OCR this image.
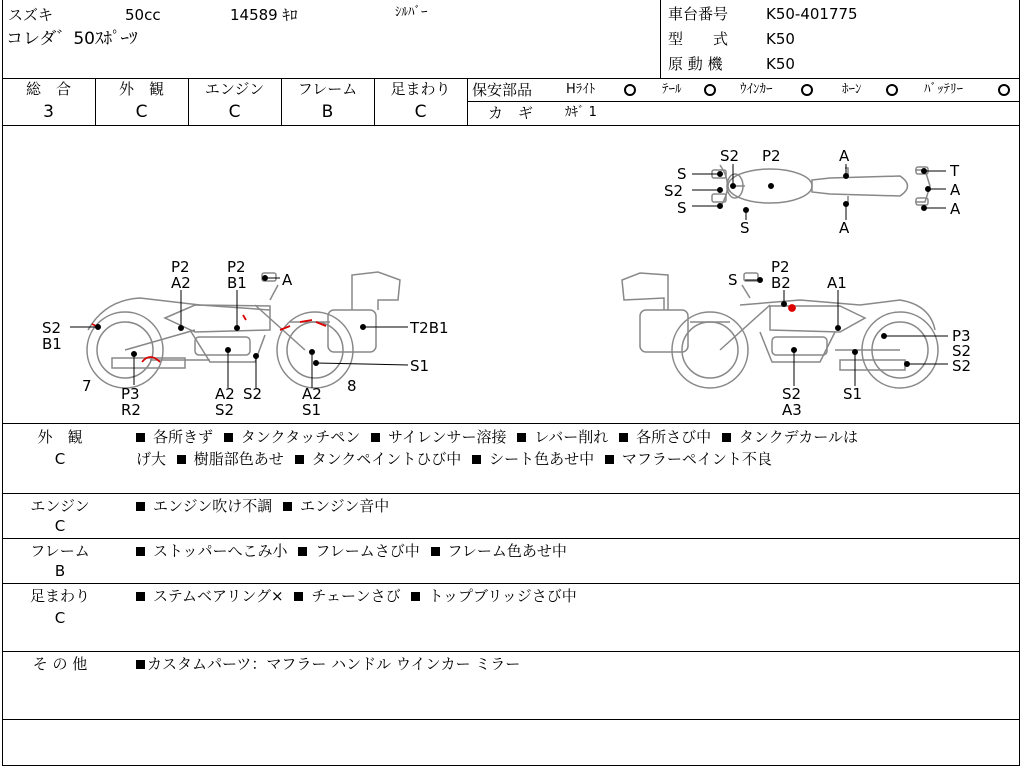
スズキ	50cc	14589 ｷﾛ	ｼﾙﾊﾞｰ
コレダ゛50ｽﾎﾟｰﾂ
車台番号	K50-401775
型　　式	K50
原 動 機	K50
総　合
3
外　観
C
エンジン
C
フレーム
B
足まわり
C
保安部品	Hﾗｲﾄ	ﾃｰﾙ	ｳｲﾝｶｰ	ﾎｰﾝ	ﾊﾞｯﾃﾘｰ
カ　ギ ｶｷﾞ 1
S2 P2	A
S
S2
S
S	A
T
A
A
P2
A2
P2
B1 A
S2
B1
T2B1
S1
7 P3
R2
A2
S2
S2	A2
S1
8
S
P2
B2 A1
P3
S2
S2
S2
A3
S1
外　観
C
各所きず タンクタッチペン サイレンサー溶接 レバー削れ 各所さび中 タンクデカールは
げ大 樹脂部色あせ タンクペイントひび中 シート色あせ中 マフラーペイント不良
エンジン
C
エンジン吹け不調 エンジン音中
フレーム
B
ストッパーへこみ小 フレームさび中 フレーム色あせ中
足まわり
C
ステムベアリング× チェーンさび トップブリッジさび中
そ の 他	カスタムパーツ：マフラー ハンドル ウインカー ミラー
